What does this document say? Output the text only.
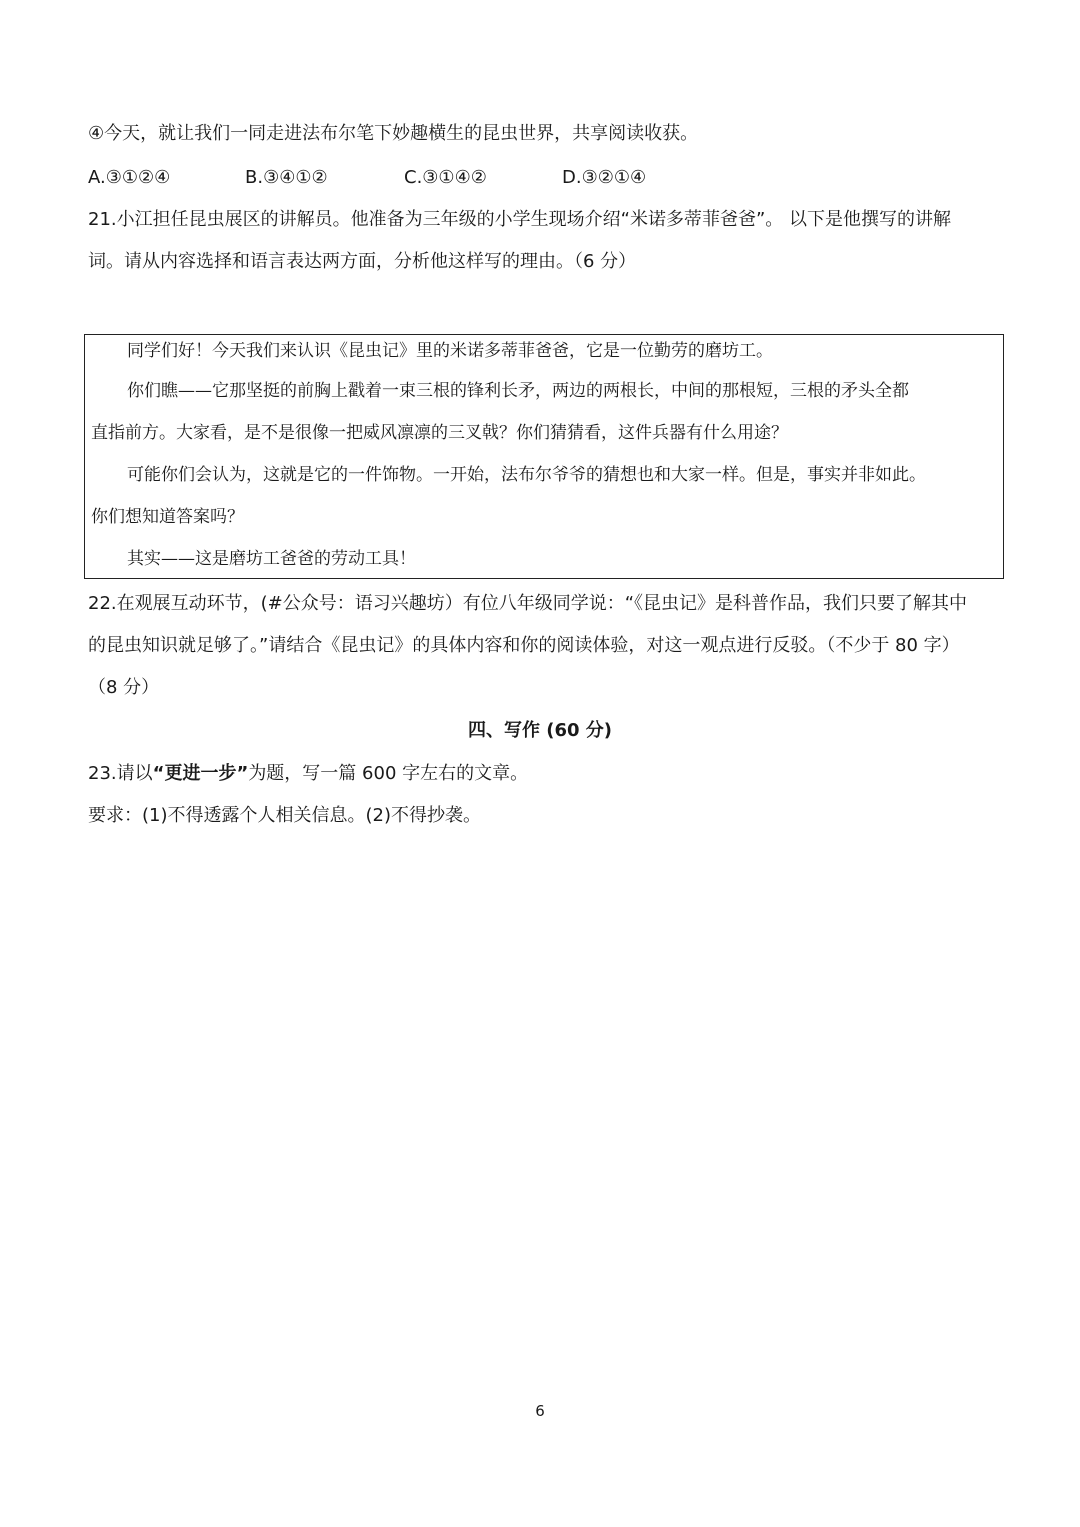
④今天，就让我们一同走进法布尔笔下妙趣横生的昆虫世界，共享阅读收获。
A.③①②④	B.③④①②	C.③①④②	D.③②①④
21.小江担任昆虫展区的讲解员。他准备为三年级的小学生现场介绍“米诺多蒂菲爸爸”。 以下是他撰写的讲解
词。请从内容选择和语言表达两方面，分析他这样写的理由。（6 分）
同学们好！今天我们来认识《昆虫记》里的米诺多蒂菲爸爸，它是一位勤劳的磨坊工。
你们瞧——它那坚挺的前胸上戳着一束三根的锋利长矛，两边的两根长，中间的那根短，三根的矛头全都
直指前方。大家看，是不是很像一把威风凛凛的三叉戟？你们猜猜看，这件兵器有什么用途？
可能你们会认为，这就是它的一件饰物。一开始，法布尔爷爷的猜想也和大家一样。但是，事实并非如此。
你们想知道答案吗？
其实——这是磨坊工爸爸的劳动工具！
22.在观展互动环节，(#公众号：语习兴趣坊）有位八年级同学说：“《昆虫记》是科普作品，我们只要了解其中
的昆虫知识就足够了。”请结合《昆虫记》的具体内容和你的阅读体验，对这一观点进行反驳。（不少于 80 字）
（8 分）
四、写作 (60 分)
23.请以“更进一步”为题，写一篇 600 字左右的文章。
要求：(1)不得透露个人相关信息。(2)不得抄袭。
6
